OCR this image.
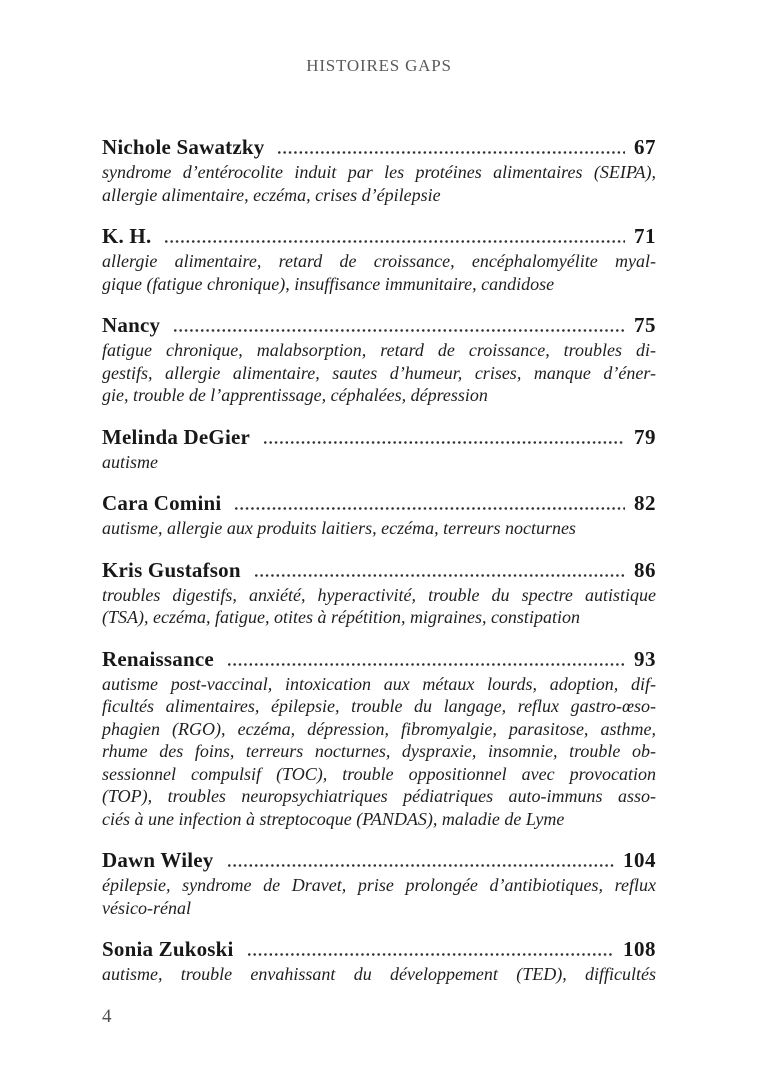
HISTOIRES GAPS
Nichole Sawatzky	67
syndrome d’entérocolite induit par les protéines alimentaires (SEIPA),
allergie alimentaire, eczéma, crises d’épilepsie
K. H.	71
allergie alimentaire, retard de croissance, encéphalomyélite myal-
gique (fatigue chronique), insuffisance immunitaire, candidose
Nancy	75
fatigue chronique, malabsorption, retard de croissance, troubles di-
gestifs, allergie alimentaire, sautes d’humeur, crises, manque d’éner-
gie, trouble de l’apprentissage, céphalées, dépression
Melinda DeGier	79
autisme
Cara Comini	82
autisme, allergie aux produits laitiers, eczéma, terreurs nocturnes
Kris Gustafson	86
troubles digestifs, anxiété, hyperactivité, trouble du spectre autistique
(TSA), eczéma, fatigue, otites à répétition, migraines, constipation
Renaissance	93
autisme post-vaccinal, intoxication aux métaux lourds, adoption, dif-
ficultés alimentaires, épilepsie, trouble du langage, reflux gastro-œso-
phagien (RGO), eczéma, dépression, fibromyalgie, parasitose, asthme,
rhume des foins, terreurs nocturnes, dyspraxie, insomnie, trouble ob-
sessionnel compulsif (TOC), trouble oppositionnel avec provocation
(TOP), troubles neuropsychiatriques pédiatriques auto-immuns asso-
ciés à une infection à streptocoque (PANDAS), maladie de Lyme
Dawn Wiley	104
épilepsie, syndrome de Dravet, prise prolongée d’antibiotiques, reflux
vésico-rénal
Sonia Zukoski	108
autisme, trouble envahissant du développement (TED), difficultés
4
